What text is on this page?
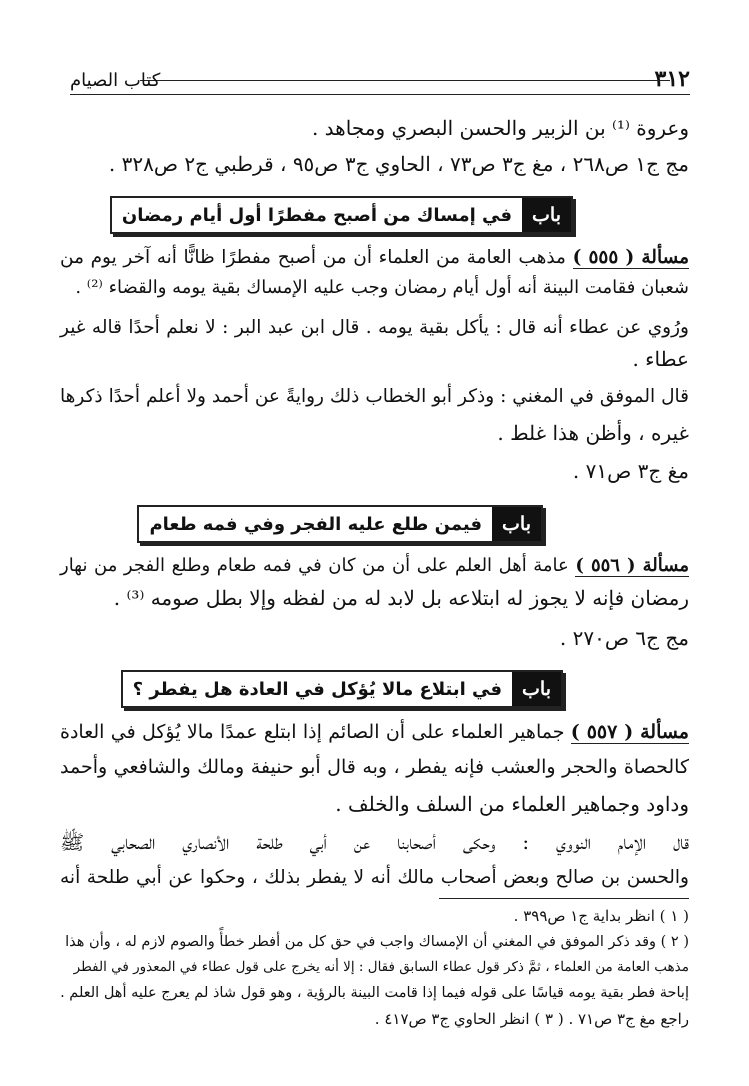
٣١٢
كتاب الصيام
وعروة ⁽¹⁾ بن الزبير والحسن البصري ومجاهد .
مج ج١ ص٢٦٨ ، مغ ج٣ ص٧٣ ، الحاوي ج٣ ص٩٥ ، قرطبي ج٢ ص٣٢٨ .
باب
في إمساك من أصبح مفطرًا أول أيام رمضان
مسألة ( ٥٥٥ ) مذهب العامة من العلماء أن من أصبح مفطرًا ظانًّا أنه آخر يوم من
شعبان فقامت البينة أنه أول أيام رمضان وجب عليه الإمساك بقية يومه والقضاء ⁽²⁾ .
ورُوي عن عطاء أنه قال : يأكل بقية يومه . قال ابن عبد البر : لا نعلم أحدًا قاله غير
عطاء .
قال الموفق في المغني : وذكر أبو الخطاب ذلك روايةً عن أحمد ولا أعلم أحدًا ذكرها
غيره ، وأظن هذا غلط .
مغ ج٣ ص٧١ .
باب
فيمن طلع عليه الفجر وفي فمه طعام
مسألة ( ٥٥٦ ) عامة أهل العلم على أن من كان في فمه طعام وطلع الفجر من نهار
رمضان فإنه لا يجوز له ابتلاعه بل لابد له من لفظه وإلا بطل صومه ⁽³⁾ .
مج ج٦ ص٢٧٠ .
باب
في ابتلاع مالا يُؤكل في العادة هل يفطر ؟
مسألة ( ٥٥٧ ) جماهير العلماء على أن الصائم إذا ابتلع عمدًا مالا يُؤكل في العادة
كالحصاة والحجر والعشب فإنه يفطر ، وبه قال أبو حنيفة ومالك والشافعي وأحمد
وداود وجماهير العلماء من السلف والخلف .
قال الإمام النووي : وحكى أصحابنا عن أبي طلحة الأنصاري الصحابي ﷺ
والحسن بن صالح وبعض أصحاب مالك أنه لا يفطر بذلك ، وحكوا عن أبي طلحة أنه
( ١ ) انظر بداية ج١ ص٣٩٩ .
( ٢ ) وقد ذكر الموفق في المغني أن الإمساك واجب في حق كل من أفطر خطأً والصوم لازم له ، وأن هذا
مذهب العامة من العلماء ، ثمَّ ذكر قول عطاء السابق فقال : إلا أنه يخرج على قول عطاء في المعذور في الفطر
إباحة فطر بقية يومه قياسًا على قوله فيما إذا قامت البينة بالرؤية ، وهو قول شاذ لم يعرج عليه أهل العلم .
راجع مغ ج٣ ص٧١ . ( ٣ ) انظر الحاوي ج٣ ص٤١٧ .
